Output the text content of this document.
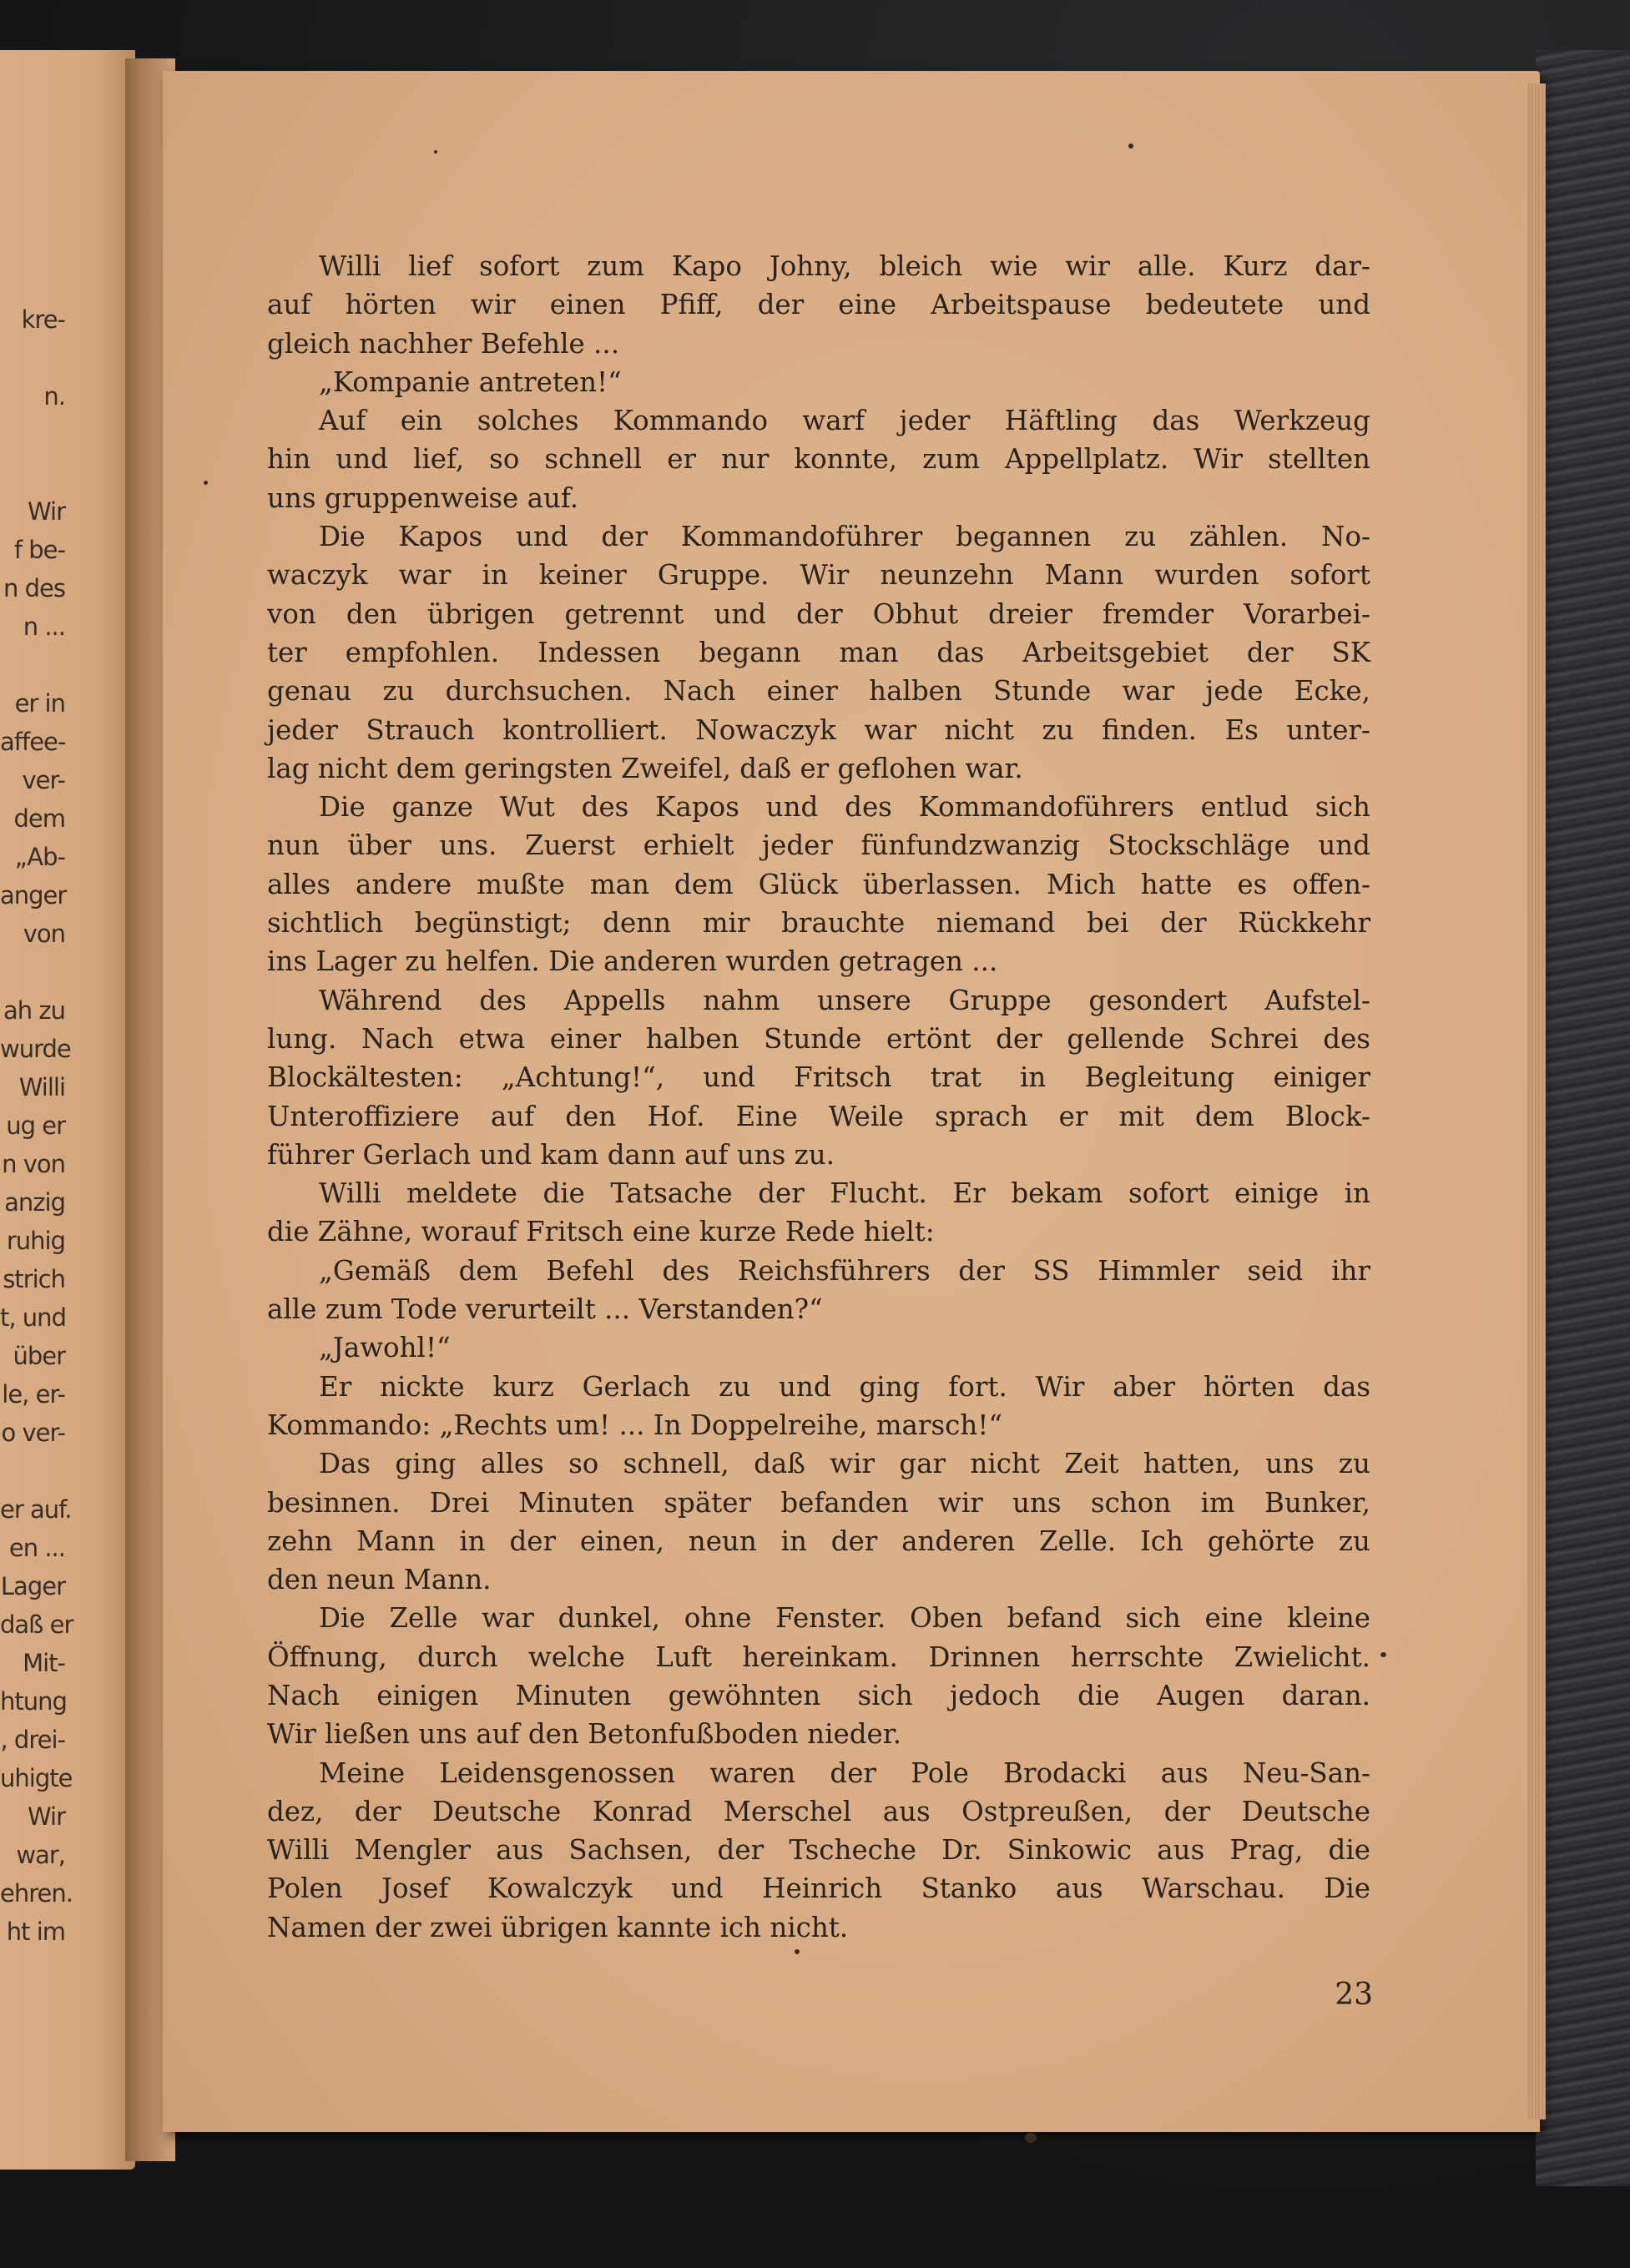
kre-
n.
Wir
f be-
n des
n ...
er in
affee-
ver-
dem
„Ab-
anger
von
ah zu
wurde
Willi
ug er
n von
anzig
ruhig
strich
t, und
über
le, er-
o ver-
er auf.
en ...
Lager
daß er
Mit-
htung
, drei-
uhigte
Wir
war,
ehren.
ht im
Willi lief sofort zum Kapo Johny, bleich wie wir alle. Kurz dar-
auf hörten wir einen Pfiff, der eine Arbeitspause bedeutete und
gleich nachher Befehle ...
„Kompanie antreten!“
Auf ein solches Kommando warf jeder Häftling das Werkzeug
hin und lief, so schnell er nur konnte, zum Appellplatz. Wir stellten
uns gruppenweise auf.
Die Kapos und der Kommandoführer begannen zu zählen. No-
waczyk war in keiner Gruppe. Wir neunzehn Mann wurden sofort
von den übrigen getrennt und der Obhut dreier fremder Vorarbei-
ter empfohlen. Indessen begann man das Arbeitsgebiet der SK
genau zu durchsuchen. Nach einer halben Stunde war jede Ecke,
jeder Strauch kontrolliert. Nowaczyk war nicht zu finden. Es unter-
lag nicht dem geringsten Zweifel, daß er geflohen war.
Die ganze Wut des Kapos und des Kommandoführers entlud sich
nun über uns. Zuerst erhielt jeder fünfundzwanzig Stockschläge und
alles andere mußte man dem Glück überlassen. Mich hatte es offen-
sichtlich begünstigt; denn mir brauchte niemand bei der Rückkehr
ins Lager zu helfen. Die anderen wurden getragen ...
Während des Appells nahm unsere Gruppe gesondert Aufstel-
lung. Nach etwa einer halben Stunde ertönt der gellende Schrei des
Blockältesten: „Achtung!“, und Fritsch trat in Begleitung einiger
Unteroffiziere auf den Hof. Eine Weile sprach er mit dem Block-
führer Gerlach und kam dann auf uns zu.
Willi meldete die Tatsache der Flucht. Er bekam sofort einige in
die Zähne, worauf Fritsch eine kurze Rede hielt:
„Gemäß dem Befehl des Reichsführers der SS Himmler seid ihr
alle zum Tode verurteilt ... Verstanden?“
„Jawohl!“
Er nickte kurz Gerlach zu und ging fort. Wir aber hörten das
Kommando: „Rechts um! ... In Doppelreihe, marsch!“
Das ging alles so schnell, daß wir gar nicht Zeit hatten, uns zu
besinnen. Drei Minuten später befanden wir uns schon im Bunker,
zehn Mann in der einen, neun in der anderen Zelle. Ich gehörte zu
den neun Mann.
Die Zelle war dunkel, ohne Fenster. Oben befand sich eine kleine
Öffnung, durch welche Luft hereinkam. Drinnen herrschte Zwielicht.
Nach einigen Minuten gewöhnten sich jedoch die Augen daran.
Wir ließen uns auf den Betonfußboden nieder.
Meine Leidensgenossen waren der Pole Brodacki aus Neu-San-
dez, der Deutsche Konrad Merschel aus Ostpreußen, der Deutsche
Willi Mengler aus Sachsen, der Tscheche Dr. Sinkowic aus Prag, die
Polen Josef Kowalczyk und Heinrich Stanko aus Warschau. Die
Namen der zwei übrigen kannte ich nicht.
23
